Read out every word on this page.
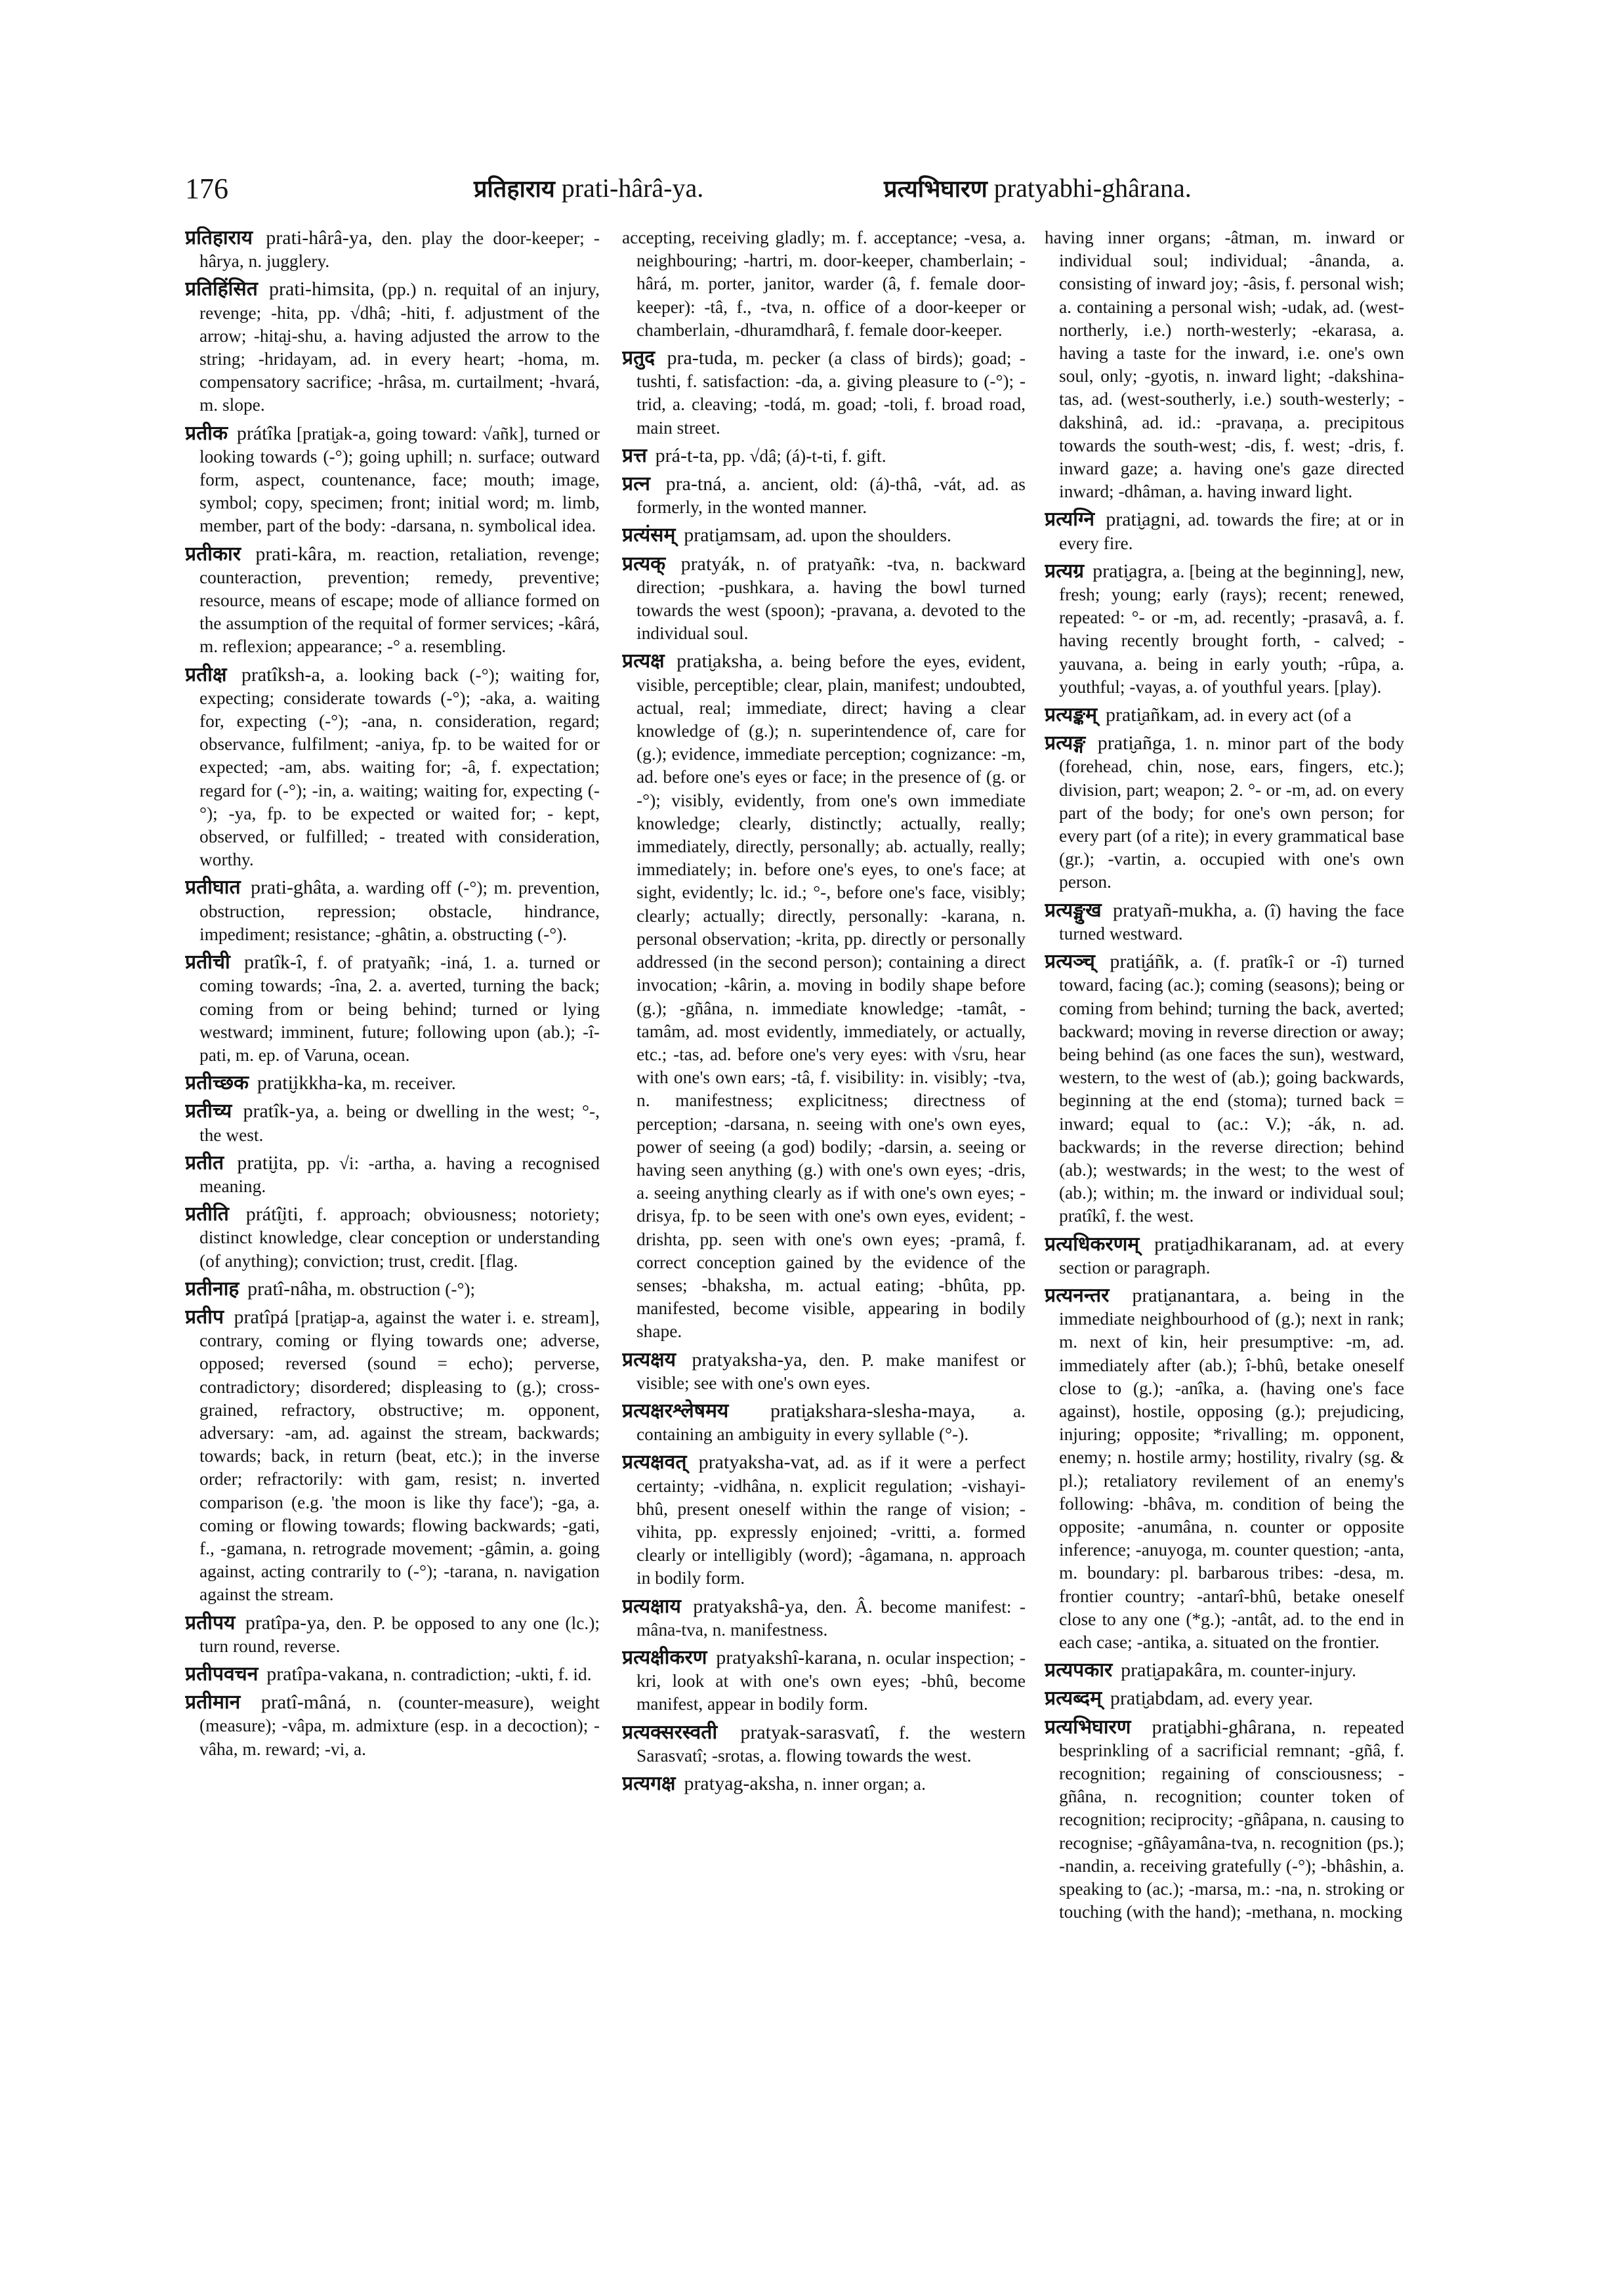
176	प्रतिहाराय prati-hârâ-ya.	प्रत्यभिघारण pratyabhi-ghârana.

प्रतिहाराय prati-hârâ-ya, den. play the door-keeper; -hârya, n. jugglery.

प्रतिहिंसित prati-himsita, (pp.) n. requital of an injury, revenge; -hita, pp. √dhâ; -hiti, f. adjustment of the arrow; -hita̮i-shu, a. having adjusted the arrow to the string; -hridayam, ad. in every heart; -homa, m. compensatory sacrifice; -hrâsa, m. curtailment; -hvará, m. slope.

प्रतीक prátîka [prati̮ak-a, going toward: √añk], turned or looking towards (-°); going uphill; n. surface; outward form, aspect, countenance, face; mouth; image, symbol; copy, specimen; front; initial word; m. limb, member, part of the body: -darsana, n. symbolical idea.

प्रतीकार prati-kâra, m. reaction, retaliation, revenge; counteraction, prevention; remedy, preventive; resource, means of escape; mode of alliance formed on the assumption of the requital of former services; -kârá, m. reflexion; appearance; -° a. resembling.

प्रतीक्ष pratîksh-a, a. looking back (-°); waiting for, expecting; considerate towards (-°); -aka, a. waiting for, expecting (-°); -ana, n. consideration, regard; observance, fulfilment; -aniya, fp. to be waited for or expected; -am, abs. waiting for; -â, f. expectation; regard for (-°); -in, a. waiting; waiting for, expecting (-°); -ya, fp. to be expected or waited for; - kept, observed, or fulfilled; - treated with consideration, worthy.

प्रतीघात prati-ghâta, a. warding off (-°); m. prevention, obstruction, repression; obstacle, hindrance, impediment; resistance; -ghâtin, a. obstructing (-°).

प्रतीची pratîk-î, f. of pratyañk; -iná, 1. a. turned or coming towards; -îna, 2. a. averted, turning the back; coming from or being behind; turned or lying westward; imminent, future; following upon (ab.); -î-pati, m. ep. of Varuna, ocean.

प्रतीच्छक prati̮ikkha-ka, m. receiver.

प्रतीच्य pratîk-ya, a. being or dwelling in the west; °-, the west.

प्रतीत prati̮ita, pp. √i: -artha, a. having a recognised meaning.

प्रतीति prátî̮iti, f. approach; obviousness; notoriety; distinct knowledge, clear conception or understanding (of anything); conviction; trust, credit. [flag.

प्रतीनाह pratî-nâha, m. obstruction (-°);

प्रतीप pratîpá [prati̮ap-a, against the water i. e. stream], contrary, coming or flying towards one; adverse, opposed; reversed (sound = echo); perverse, contradictory; disordered; displeasing to (g.); cross-grained, refractory, obstructive; m. opponent, adversary: -am, ad. against the stream, backwards; towards; back, in return (beat, etc.); in the inverse order; refractorily: with gam, resist; n. inverted comparison (e.g. 'the moon is like thy face'); -ga, a. coming or flowing towards; flowing backwards; -gati, f., -gamana, n. retrograde movement; -gâmin, a. going against, acting contrarily to (-°); -tarana, n. navigation against the stream.

प्रतीपय pratîpa-ya, den. P. be opposed to any one (lc.); turn round, reverse.

प्रतीपवचन pratîpa-vakana, n. contradiction; -ukti, f. id.

प्रतीमान pratî-mâná, n. (counter-measure), weight (measure); -vâpa, m. admixture (esp. in a decoction); -vâha, m. reward; -vi, a.

accepting, receiving gladly; m. f. acceptance; -vesa, a. neighbouring; -hartri, m. door-keeper, chamberlain; -hârá, m. porter, janitor, warder (â, f. female door-keeper): -tâ, f., -tva, n. office of a door-keeper or chamberlain, -dhuramdharâ, f. female door-keeper.

प्रतुद pra-tuda, m. pecker (a class of birds); goad; -tushti, f. satisfaction: -da, a. giving pleasure to (-°); -trid, a. cleaving; -todá, m. goad; -toli, f. broad road, main street.

प्रत्त prá-t-ta, pp. √dâ; (á)-t-ti, f. gift.

प्रत्न pra-tná, a. ancient, old: (á)-thâ, -vát, ad. as formerly, in the wonted manner.

प्रत्यंसम् prati̮amsam, ad. upon the shoulders.

प्रत्यक् pratyák, n. of pratyañk: -tva, n. backward direction; -pushkara, a. having the bowl turned towards the west (spoon); -pravana, a. devoted to the individual soul.

प्रत्यक्ष prati̮aksha, a. being before the eyes, evident, visible, perceptible; clear, plain, manifest; undoubted, actual, real; immediate, direct; having a clear knowledge of (g.); n. superintendence of, care for (g.); evidence, immediate perception; cognizance: -m, ad. before one's eyes or face; in the presence of (g. or -°); visibly, evidently, from one's own immediate knowledge; clearly, distinctly; actually, really; immediately, directly, personally; ab. actually, really; immediately; in. before one's eyes, to one's face; at sight, evidently; lc. id.; °-, before one's face, visibly; clearly; actually; directly, personally: -karana, n. personal observation; -krita, pp. directly or personally addressed (in the second person); containing a direct invocation; -kârin, a. moving in bodily shape before (g.); -gñâna, n. immediate knowledge; -tamât, -tamâm, ad. most evidently, immediately, or actually, etc.; -tas, ad. before one's very eyes: with √sru, hear with one's own ears; -tâ, f. visibility: in. visibly; -tva, n. manifestness; explicitness; directness of perception; -darsana, n. seeing with one's own eyes, power of seeing (a god) bodily; -darsin, a. seeing or having seen anything (g.) with one's own eyes; -dris, a. seeing anything clearly as if with one's own eyes; -drisya, fp. to be seen with one's own eyes, evident; -drishta, pp. seen with one's own eyes; -pramâ, f. correct conception gained by the evidence of the senses; -bhaksha, m. actual eating; -bhûta, pp. manifested, become visible, appearing in bodily shape.

प्रत्यक्षय pratyaksha-ya, den. P. make manifest or visible; see with one's own eyes.

प्रत्यक्षरश्लेषमय prati̮akshara-slesha-maya, a. containing an ambiguity in every syllable (°-).

प्रत्यक्षवत् pratyaksha-vat, ad. as if it were a perfect certainty; -vidhâna, n. explicit regulation; -vishayi-bhû, present oneself within the range of vision; -vihita, pp. expressly enjoined; -vritti, a. formed clearly or intelligibly (word); -âgamana, n. approach in bodily form.

प्रत्यक्षाय pratyakshâ-ya, den. Â. become manifest: -mâna-tva, n. manifestness.

प्रत्यक्षीकरण pratyakshî-karana, n. ocular inspection; -kri, look at with one's own eyes; -bhû, become manifest, appear in bodily form.

प्रत्यक्सरस्वती pratyak-sarasvatî, f. the western Sarasvatî; -srotas, a. flowing towards the west.

प्रत्यगक्ष pratyag-aksha, n. inner organ; a.

having inner organs; -âtman, m. inward or individual soul; individual; -ânanda, a. consisting of inward joy; -âsis, f. personal wish; a. containing a personal wish; -udak, ad. (west-northerly, i.e.) north-westerly; -ekarasa, a. having a taste for the inward, i.e. one's own soul, only; -gyotis, n. inward light; -dakshina-tas, ad. (west-southerly, i.e.) south-westerly; -dakshinâ, ad. id.: -pravaṇa, a. precipitous towards the south-west; -dis, f. west; -dris, f. inward gaze; a. having one's gaze directed inward; -dhâman, a. having inward light.

प्रत्यग्नि prati̮agni, ad. towards the fire; at or in every fire.

प्रत्यग्र prati̮agra, a. [being at the beginning], new, fresh; young; early (rays); recent; renewed, repeated: °- or -m, ad. recently; -prasavâ, a. f. having recently brought forth, - calved; -yauvana, a. being in early youth; -rûpa, a. youthful; -vayas, a. of youthful years. [play).

प्रत्यङ्कम् prati̮añkam, ad. in every act (of a

प्रत्यङ्ग prati̮añga, 1. n. minor part of the body (forehead, chin, nose, ears, fingers, etc.); division, part; weapon; 2. °- or -m, ad. on every part of the body; for one's own person; for every part (of a rite); in every grammatical base (gr.); -vartin, a. occupied with one's own person.

प्रत्यङ्मुख pratyañ-mukha, a. (î) having the face turned westward.

प्रत्यञ्च् prati̮áñk, a. (f. pratîk-î or -î) turned toward, facing (ac.); coming (seasons); being or coming from behind; turning the back, averted; backward; moving in reverse direction or away; being behind (as one faces the sun), westward, western, to the west of (ab.); going backwards, beginning at the end (stoma); turned back = inward; equal to (ac.: V.); -ák, n. ad. backwards; in the reverse direction; behind (ab.); westwards; in the west; to the west of (ab.); within; m. the inward or individual soul; pratîkî, f. the west.

प्रत्यधिकरणम् prati̮adhikaranam, ad. at every section or paragraph.

प्रत्यनन्तर prati̮anantara, a. being in the immediate neighbourhood of (g.); next in rank; m. next of kin, heir presumptive: -m, ad. immediately after (ab.); î-bhû, betake oneself close to (g.); -anîka, a. (having one's face against), hostile, opposing (g.); prejudicing, injuring; opposite; *rivalling; m. opponent, enemy; n. hostile army; hostility, rivalry (sg. & pl.); retaliatory revilement of an enemy's following: -bhâva, m. condition of being the opposite; -anumâna, n. counter or opposite inference; -anuyoga, m. counter question; -anta, m. boundary: pl. barbarous tribes: -desa, m. frontier country; -antarî-bhû, betake oneself close to any one (*g.); -antât, ad. to the end in each case; -antika, a. situated on the frontier.

प्रत्यपकार prati̮apakâra, m. counter-injury.

प्रत्यब्दम् prati̮abdam, ad. every year.

प्रत्यभिघारण prati̮abhi-ghârana, n. repeated besprinkling of a sacrificial remnant; -gñâ, f. recognition; regaining of consciousness; -gñâna, n. recognition; counter token of recognition; reciprocity; -gñâpana, n. causing to recognise; -gñâyamâna-tva, n. recognition (ps.); -nandin, a. receiving gratefully (-°); -bhâshin, a. speaking to (ac.); -marsa, m.: -na, n. stroking or touching (with the hand); -methana, n. mocking
